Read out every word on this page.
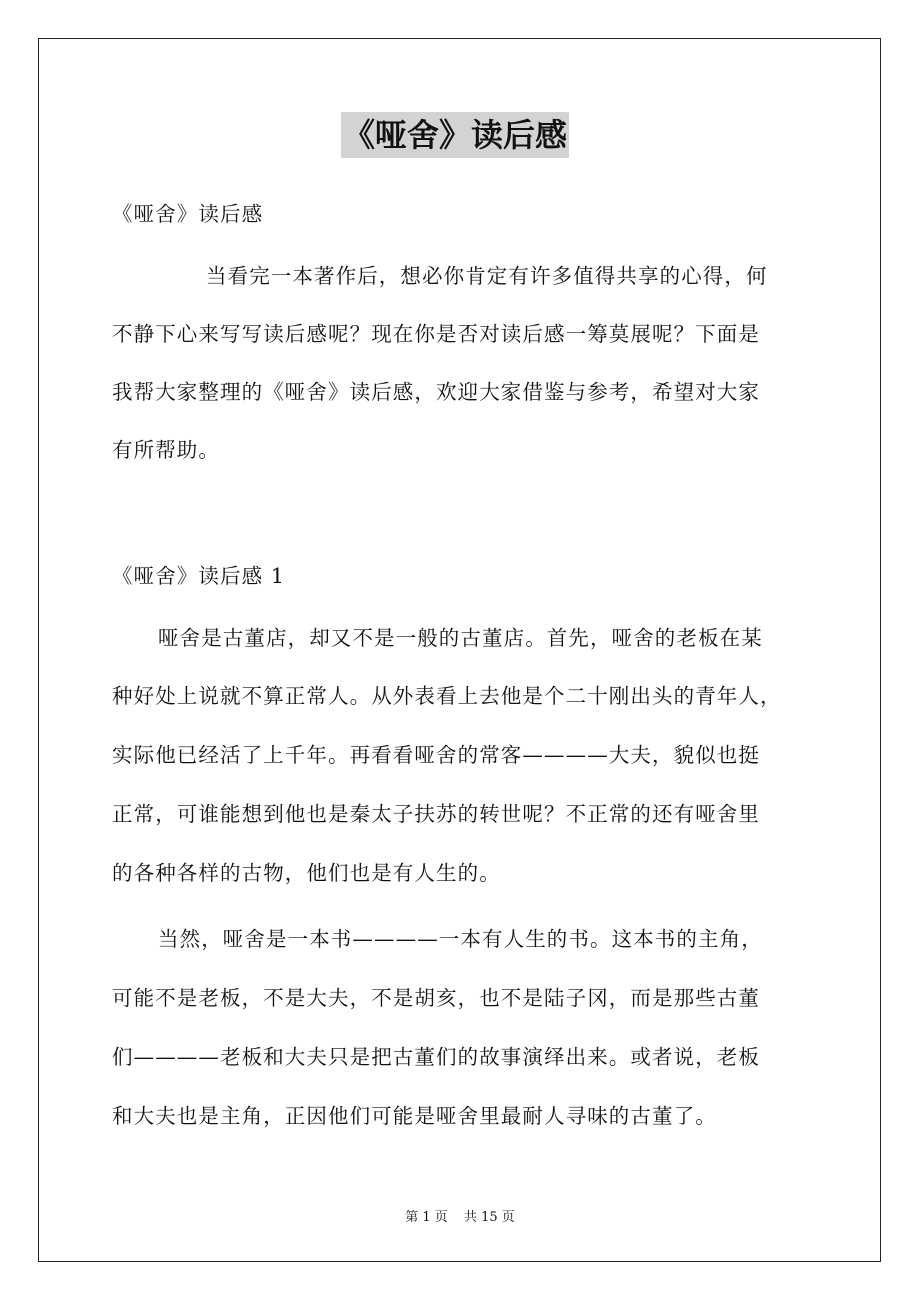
《哑舍》读后感
《哑舍》读后感
当看完一本著作后，想必你肯定有许多值得共享的心得，何
不静下心来写写读后感呢？现在你是否对读后感一筹莫展呢？下面是
我帮大家整理的《哑舍》读后感，欢迎大家借鉴与参考，希望对大家
有所帮助。
《哑舍》读后感 1
哑舍是古董店，却又不是一般的古董店。首先，哑舍的老板在某
种好处上说就不算正常人。从外表看上去他是个二十刚出头的青年人，
实际他已经活了上千年。再看看哑舍的常客————大夫，貌似也挺
正常，可谁能想到他也是秦太子扶苏的转世呢？不正常的还有哑舍里
的各种各样的古物，他们也是有人生的。
当然，哑舍是一本书————一本有人生的书。这本书的主角，
可能不是老板，不是大夫，不是胡亥，也不是陆子冈，而是那些古董
们————老板和大夫只是把古董们的故事演绎出来。或者说，老板
和大夫也是主角，正因他们可能是哑舍里最耐人寻味的古董了。
第 1 页 共 15 页
